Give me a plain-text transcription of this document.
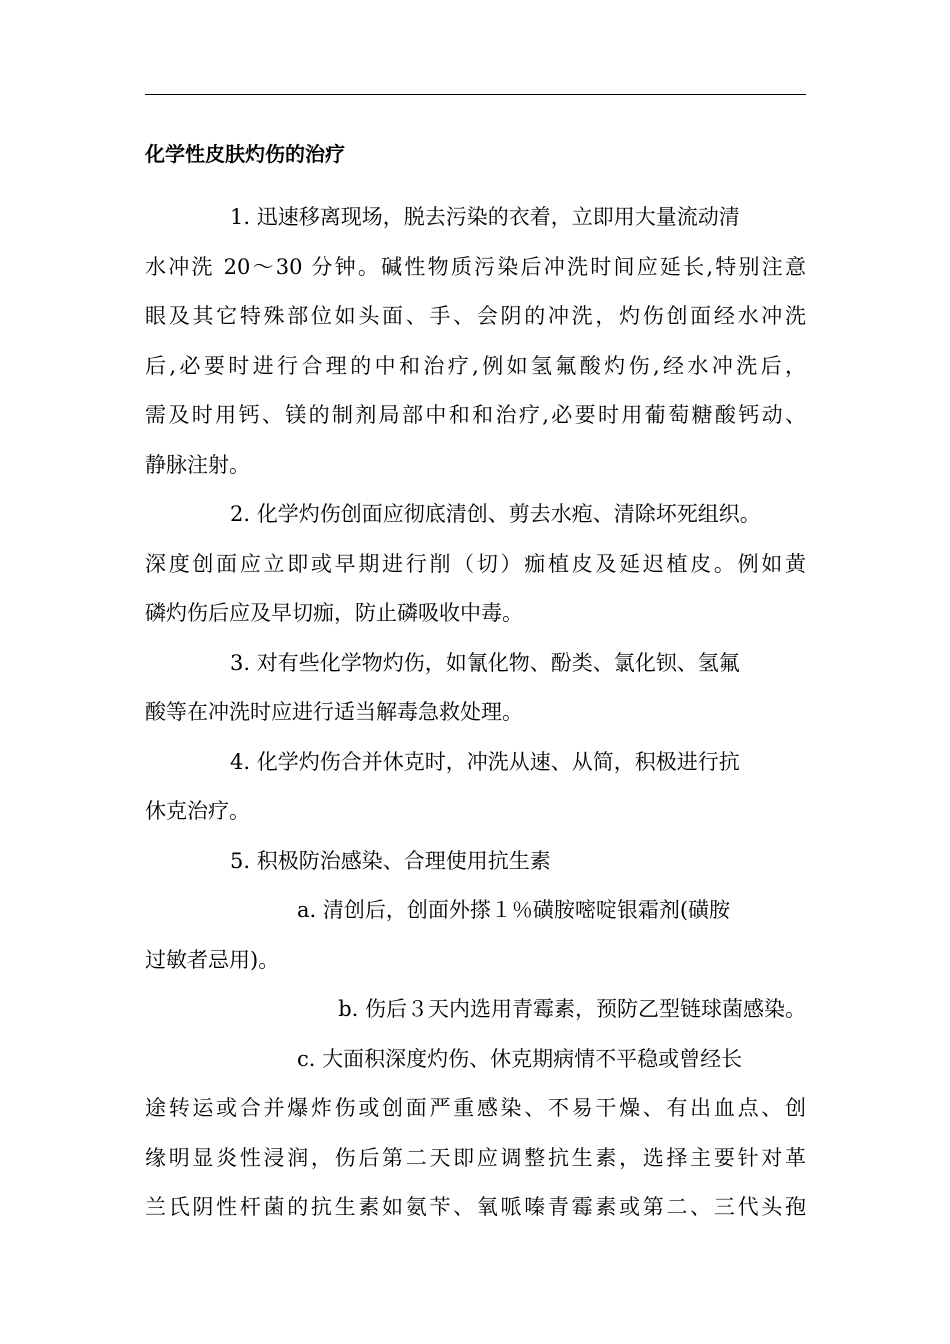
化学性皮肤灼伤的治疗

1. 迅速移离现场，脱去污染的衣着，立即用大量流动清

水冲洗 20～30 分钟。碱性物质污染后冲洗时间应延长,特别注意

眼及其它特殊部位如头面、手、会阴的冲洗，灼伤创面经水冲洗

后,必要时进行合理的中和治疗,例如氢氟酸灼伤,经水冲洗后，

需及时用钙、镁的制剂局部中和和治疗,必要时用葡萄糖酸钙动、

静脉注射。

2. 化学灼伤创面应彻底清创、剪去水疱、清除坏死组织。

深度创面应立即或早期进行削（切）痂植皮及延迟植皮。例如黄

磷灼伤后应及早切痂，防止磷吸收中毒。

3. 对有些化学物灼伤，如氰化物、酚类、氯化钡、氢氟

酸等在冲洗时应进行适当解毒急救处理。

4. 化学灼伤合并休克时，冲洗从速、从简，积极进行抗

休克治疗。

5. 积极防治感染、合理使用抗生素

a. 清创后，创面外搽１％磺胺嘧啶银霜剂(磺胺

过敏者忌用)。

b. 伤后３天内选用青霉素，预防乙型链球菌感染。

c. 大面积深度灼伤、休克期病情不平稳或曾经长

途转运或合并爆炸伤或创面严重感染、不易干燥、有出血点、创

缘明显炎性浸润，伤后第二天即应调整抗生素，选择主要针对革

兰氏阴性杆菌的抗生素如氨苄、氧哌嗪青霉素或第二、三代头孢
